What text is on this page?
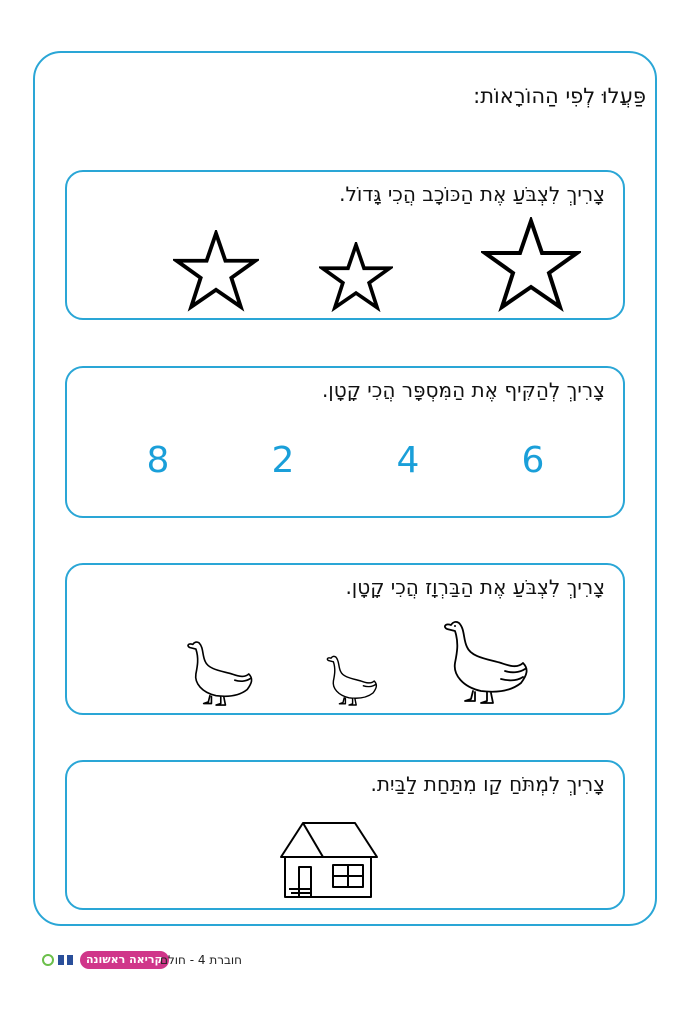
פַּעֲלוּ לְפִי הַהוֹרָאוֹת:
צָרִיךְ לִצְבֹּעַ אֶת הַכּוֹכָב הֲכִי גָּדוֹל.
צָרִיךְ לְהַקִּיף אֶת הַמִּסְפָּר הֲכִי קָטָן.
6
4
2
8
צָרִיךְ לִצְבֹּעַ אֶת הַבַּרְוָז הֲכִי קָטָן.
צָרִיךְ לִמְתֹּחַ קַו מִתַּחַת לַבַּיִת.
קריאה ראשונה
חוברת 4 - חולם
